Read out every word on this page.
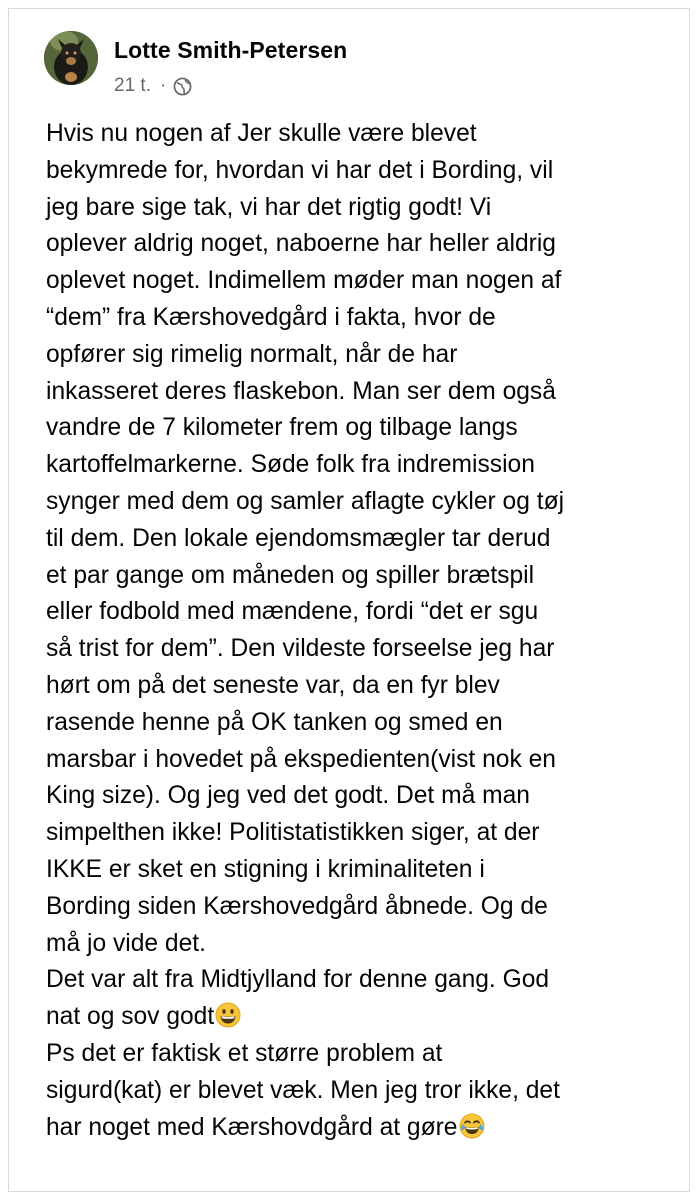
Lotte Smith-Petersen
21 t. ·

Hvis nu nogen af Jer skulle være blevet

bekymrede for, hvordan vi har det i Bording, vil

jeg bare sige tak, vi har det rigtig godt! Vi

oplever aldrig noget, naboerne har heller aldrig

oplevet noget. Indimellem møder man nogen af

“dem” fra Kærshovedgård i fakta, hvor de

opfører sig rimelig normalt, når de har

inkasseret deres flaskebon. Man ser dem også

vandre de 7 kilometer frem og tilbage langs

kartoffelmarkerne. Søde folk fra indremission

synger med dem og samler aflagte cykler og tøj

til dem. Den lokale ejendomsmægler tar derud

et par gange om måneden og spiller brætspil

eller fodbold med mændene, fordi “det er sgu

så trist for dem”. Den vildeste forseelse jeg har

hørt om på det seneste var, da en fyr blev

rasende henne på OK tanken og smed en

marsbar i hovedet på ekspedienten(vist nok en

King size). Og jeg ved det godt. Det må man

simpelthen ikke! Politistatistikken siger, at der

IKKE er sket en stigning i kriminaliteten i

Bording siden Kærshovedgård åbnede. Og de

må jo vide det.

Det var alt fra Midtjylland for denne gang. God

nat og sov godt

Ps det er faktisk et større problem at

sigurd(kat) er blevet væk. Men jeg tror ikke, det

har noget med Kærshovdgård at gøre
